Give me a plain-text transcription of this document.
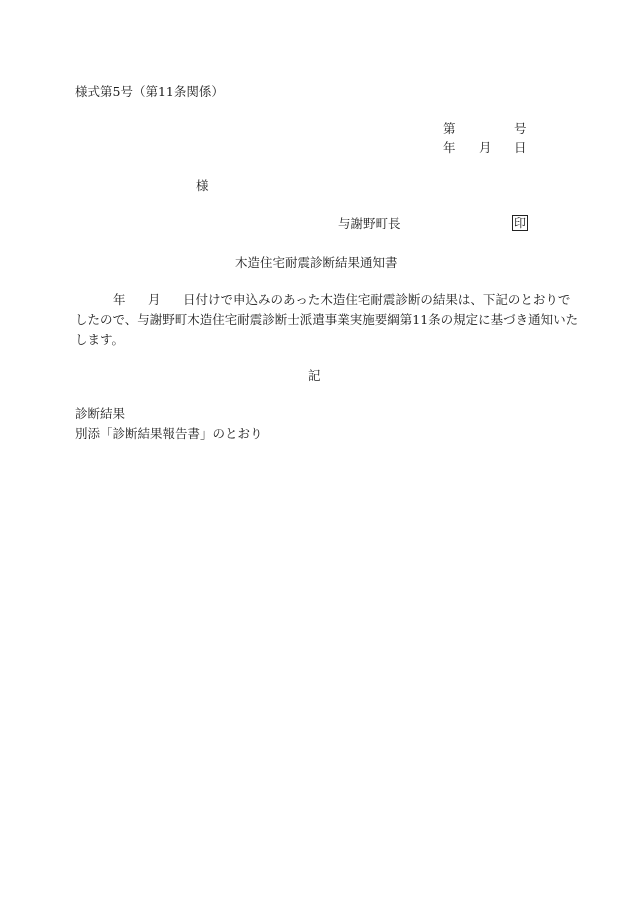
様式第5号（第11条関係）
第	号
年 月 日
様
与謝野町長	印
木造住宅耐震診断結果通知書
年 月 日付けで申込みのあった木造住宅耐震診断の結果は、下記のとおりで
したので、与謝野町木造住宅耐震診断士派遣事業実施要綱第11条の規定に基づき通知いた
します。
記
診断結果
別添「診断結果報告書」のとおり
